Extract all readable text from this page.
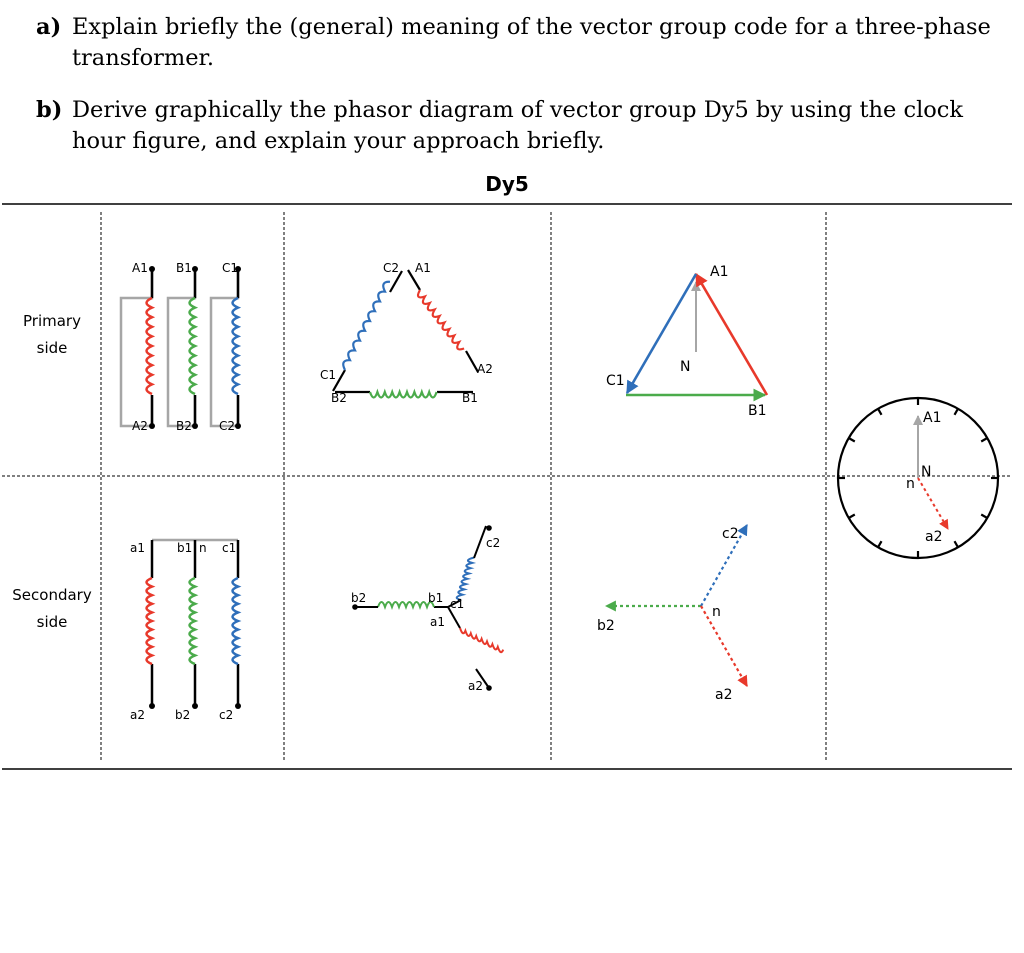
a) Explain briefly the (general) meaning of the vector group code for a three-phase transformer.
b) Derive graphically the phasor diagram of vector group Dy5 by using the clock hour figure, and explain your approach briefly.
Dy5
Primary
side
Secondary
side
A1 B1	C1
A2 B2 C2
a1	b1 n c1
a2	b2 c2
C2 A1
C1	A2
B2	B1
c2
b2	b1 c1
a1
a2
A1
N
C1
B1
c2
n
b2
a2
A1
N
n
a2
